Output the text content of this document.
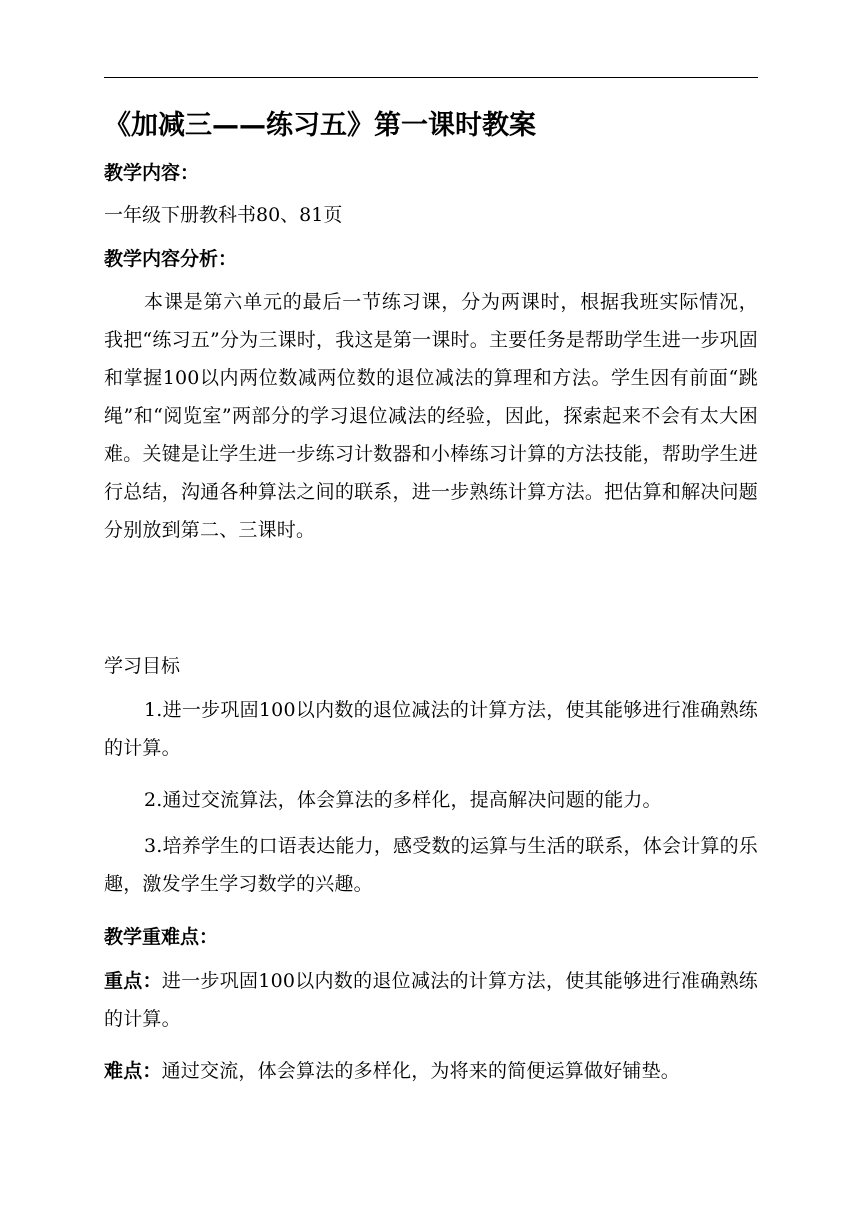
《加减三——练习五》第一课时教案
教学内容：
一年级下册教科书80、81页
教学内容分析：
本课是第六单元的最后一节练习课，分为两课时，根据我班实际情况，我把“练习五”分为三课时，我这是第一课时。主要任务是帮助学生进一步巩固和掌握100以内两位数减两位数的退位减法的算理和方法。学生因有前面“跳绳”和“阅览室”两部分的学习退位减法的经验，因此，探索起来不会有太大困难。关键是让学生进一步练习计数器和小棒练习计算的方法技能，帮助学生进行总结，沟通各种算法之间的联系，进一步熟练计算方法。把估算和解决问题分别放到第二、三课时。
学习目标
1.进一步巩固100以内数的退位减法的计算方法，使其能够进行准确熟练的计算。
2.通过交流算法，体会算法的多样化，提高解决问题的能力。
3.培养学生的口语表达能力，感受数的运算与生活的联系，体会计算的乐趣，激发学生学习数学的兴趣。
教学重难点：
重点：进一步巩固100以内数的退位减法的计算方法，使其能够进行准确熟练的计算。
难点：通过交流，体会算法的多样化，为将来的简便运算做好铺垫。
